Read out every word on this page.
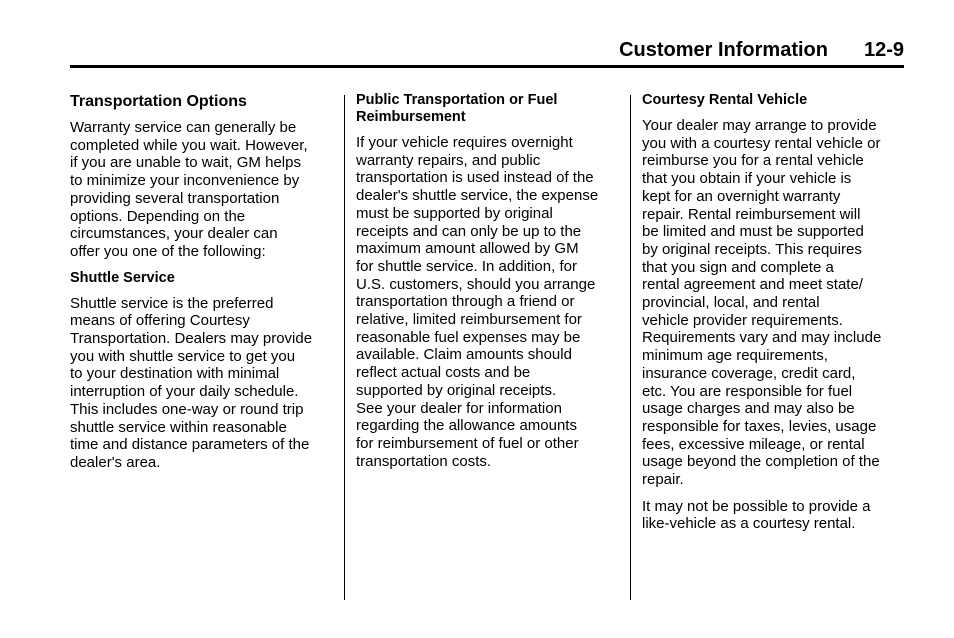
Customer Information 12-9
Transportation Options
Warranty service can generally be
completed while you wait. However,
if you are unable to wait, GM helps
to minimize your inconvenience by
providing several transportation
options. Depending on the
circumstances, your dealer can
offer you one of the following:
Shuttle Service
Shuttle service is the preferred
means of offering Courtesy
Transportation. Dealers may provide
you with shuttle service to get you
to your destination with minimal
interruption of your daily schedule.
This includes one-way or round trip
shuttle service within reasonable
time and distance parameters of the
dealer's area.
Public Transportation or Fuel
Reimbursement
If your vehicle requires overnight
warranty repairs, and public
transportation is used instead of the
dealer's shuttle service, the expense
must be supported by original
receipts and can only be up to the
maximum amount allowed by GM
for shuttle service. In addition, for
U.S. customers, should you arrange
transportation through a friend or
relative, limited reimbursement for
reasonable fuel expenses may be
available. Claim amounts should
reflect actual costs and be
supported by original receipts.
See your dealer for information
regarding the allowance amounts
for reimbursement of fuel or other
transportation costs.
Courtesy Rental Vehicle
Your dealer may arrange to provide
you with a courtesy rental vehicle or
reimburse you for a rental vehicle
that you obtain if your vehicle is
kept for an overnight warranty
repair. Rental reimbursement will
be limited and must be supported
by original receipts. This requires
that you sign and complete a
rental agreement and meet state/
provincial, local, and rental
vehicle provider requirements.
Requirements vary and may include
minimum age requirements,
insurance coverage, credit card,
etc. You are responsible for fuel
usage charges and may also be
responsible for taxes, levies, usage
fees, excessive mileage, or rental
usage beyond the completion of the
repair.
It may not be possible to provide a
like-vehicle as a courtesy rental.
